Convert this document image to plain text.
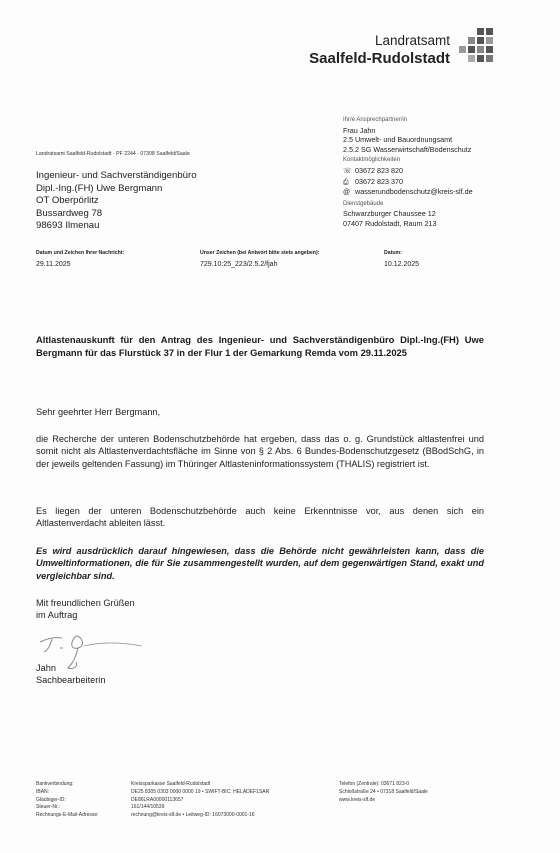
Landratsamt
Saalfeld-Rudolstadt
Landratsamt Saalfeld-Rudolstadt · PF 2244 · 07308 Saalfeld/Saale
Ingenieur- und Sachverständigenbüro
Dipl.-Ing.(FH) Uwe Bergmann
OT Oberpörlitz
Bussardweg 78
98693 Ilmenau
Ihr/e Ansprechpartner/in
Frau Jahn
2.5 Umwelt- und Bauordnungsamt
2.5.2 SG Wasserwirtschaft/Bodenschutz
Kontaktmöglichkeiten
☏ 03672 823 820
⎙ 03672 823 370
@ wasserundbodenschutz@kreis-slf.de
Dienstgebäude
Schwarzburger Chaussee 12
07407 Rudolstadt, Raum 213
Datum und Zeichen Ihrer Nachricht:
29.11.2025
Unser Zeichen (bei Antwort bitte stets angeben):
729.10:25_223/2.5.2/fjah
Datum:
10.12.2025
Altlastenauskunft für den Antrag des Ingenieur- und Sachverständigenbüro Dipl.-Ing.(FH) Uwe Bergmann für das Flurstück 37 in der Flur 1 der Gemarkung Remda vom 29.11.2025
Sehr geehrter Herr Bergmann,
die Recherche der unteren Bodenschutzbehörde hat ergeben, dass das o. g. Grundstück altlastenfrei und somit nicht als Altlastenverdachtsfläche im Sinne von § 2 Abs. 6 Bundes-Bodenschutzgesetz (BBodSchG, in der jeweils geltenden Fassung) im Thüringer Altlasteninformationssystem (THALIS) registriert ist.
Es liegen der unteren Bodenschutzbehörde auch keine Erkenntnisse vor, aus denen sich ein Altlastenverdacht ableiten lässt.
Es wird ausdrücklich darauf hingewiesen, dass die Behörde nicht gewährleisten kann, dass die Umweltinformationen, die für Sie zusammengestellt wurden, auf dem gegenwärtigen Stand, exakt und vergleichbar sind.
Mit freundlichen Grüßen
im Auftrag
Jahn
Sachbearbeiterin
Bankverbindung:
IBAN:
Gläubiger-ID:
Steuer-Nr.:
Rechnungs-E-Mail-Adresse:
Kreissparkasse Saalfeld-Rudolstadt
DE25 8305 0303 0000 0000 19 • SWIFT-BIC: HELADEF1SAR
DE86LRA00000113657
161/144/10539
rechnung@kreis-slf.de • Leitweg-ID: 16073000-0001-16
Telefon (Zentrale): 03671 823-0
Schloßstraße 24 • 07318 Saalfeld/Saale
www.kreis-slf.de
